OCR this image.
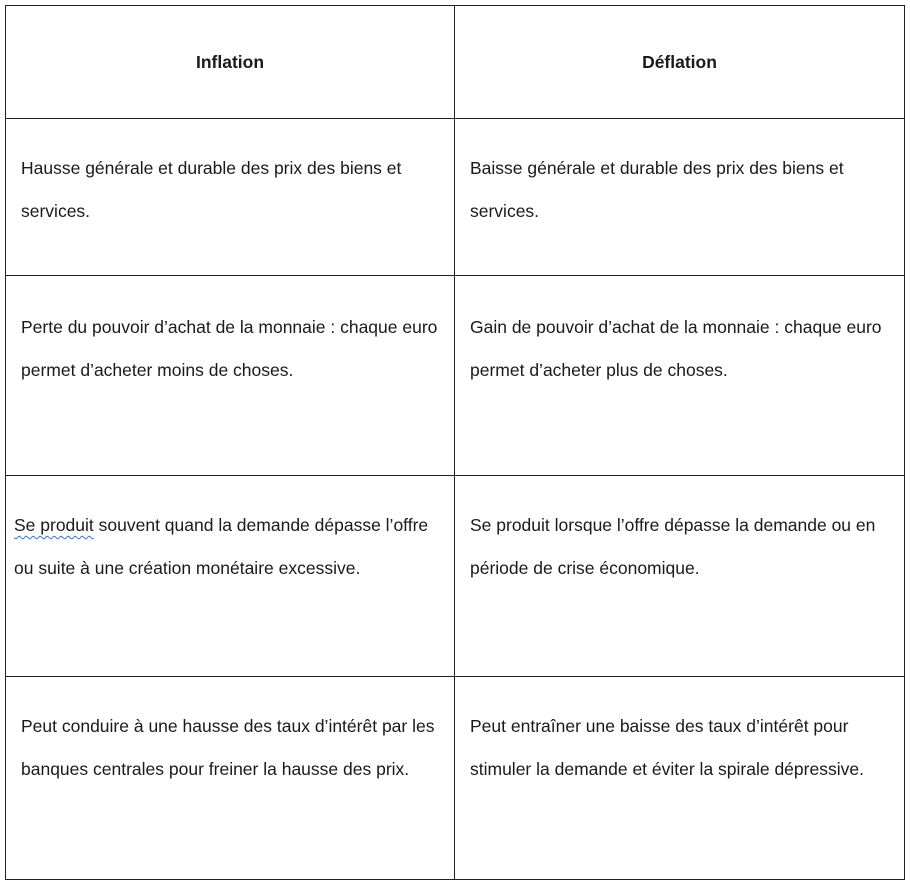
Inflation	Déflation

Hausse générale et durable des prix des biens et services.	Baisse générale et durable des prix des biens et services.

Perte du pouvoir d’achat de la monnaie : chaque euro permet d’acheter moins de choses.	Gain de pouvoir d’achat de la monnaie : chaque euro permet d’acheter plus de choses.

Se produit souvent quand la demande dépasse l’offre ou suite à une création monétaire excessive.	Se produit lorsque l’offre dépasse la demande ou en période de crise économique.

Peut conduire à une hausse des taux d’intérêt par les banques centrales pour freiner la hausse des prix.	Peut entraîner une baisse des taux d’intérêt pour stimuler la demande et éviter la spirale dépressive.
